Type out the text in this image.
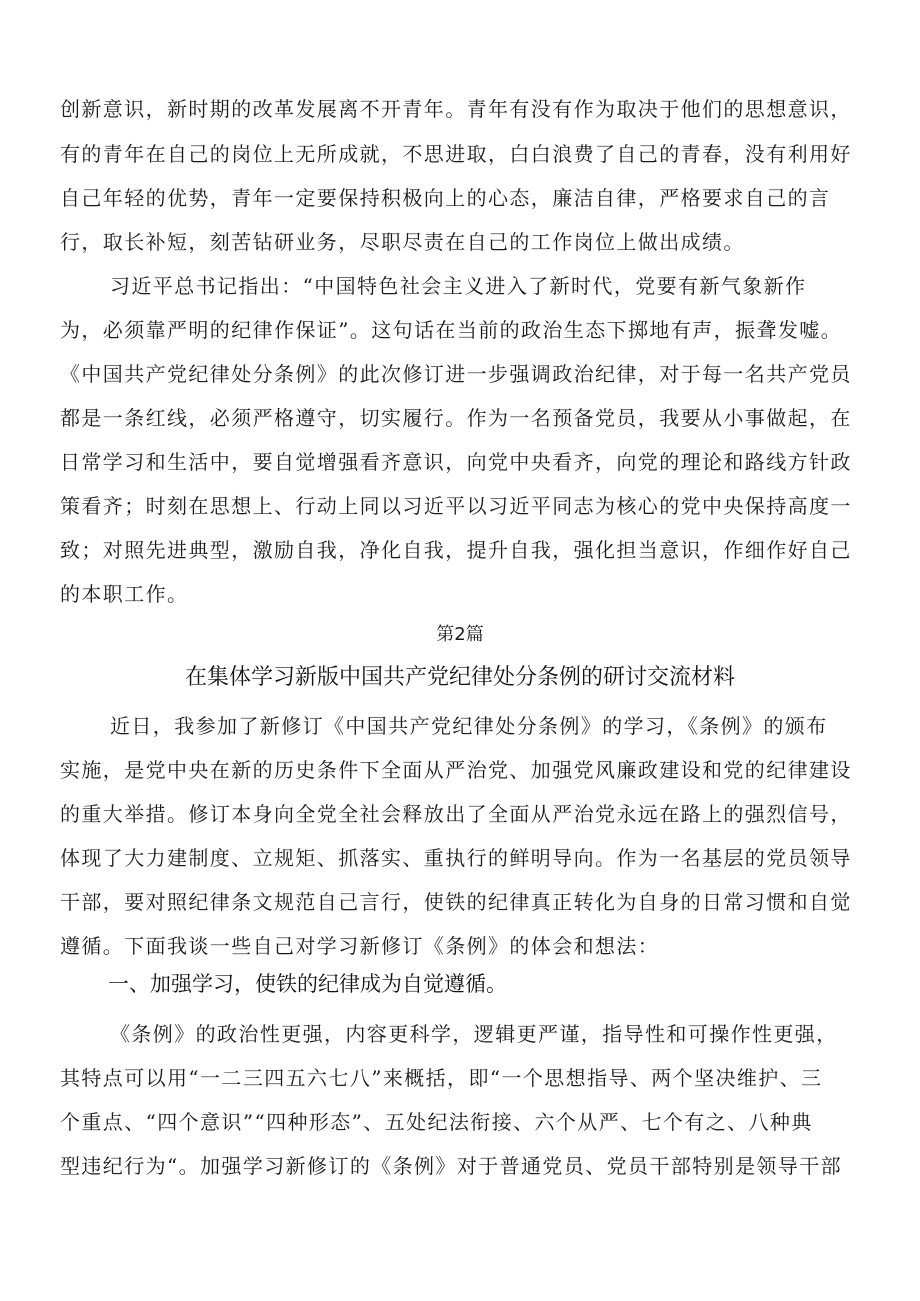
创新意识，新时期的改革发展离不开青年。青年有没有作为取决于他们的思想意识，
有的青年在自己的岗位上无所成就，不思进取，白白浪费了自己的青春，没有利用好
自己年轻的优势，青年一定要保持积极向上的心态，廉洁自律，严格要求自己的言
行，取长补短，刻苦钻研业务，尽职尽责在自己的工作岗位上做出成绩。
习近平总书记指出：“中国特色社会主义进入了新时代，党要有新气象新作
为，必须靠严明的纪律作保证”。这句话在当前的政治生态下掷地有声，振聋发嘘。
《中国共产党纪律处分条例》的此次修订进一步强调政治纪律，对于每一名共产党员
都是一条红线，必须严格遵守，切实履行。作为一名预备党员，我要从小事做起，在
日常学习和生活中，要自觉增强看齐意识，向党中央看齐，向党的理论和路线方针政
策看齐；时刻在思想上、行动上同以习近平以习近平同志为核心的党中央保持高度一
致；对照先进典型，激励自我，净化自我，提升自我，强化担当意识，作细作好自己
的本职工作。
第2篇
在集体学习新版中国共产党纪律处分条例的研讨交流材料
近日，我参加了新修订《中国共产党纪律处分条例》的学习，《条例》的颁布
实施，是党中央在新的历史条件下全面从严治党、加强党风廉政建设和党的纪律建设
的重大举措。修订本身向全党全社会释放出了全面从严治党永远在路上的强烈信号，
体现了大力建制度、立规矩、抓落实、重执行的鲜明导向。作为一名基层的党员领导
干部，要对照纪律条文规范自己言行，使铁的纪律真正转化为自身的日常习惯和自觉
遵循。下面我谈一些自己对学习新修订《条例》的体会和想法：
一、加强学习，使铁的纪律成为自觉遵循。
《条例》的政治性更强，内容更科学，逻辑更严谨，指导性和可操作性更强，
其特点可以用“一二三四五六七八”来概括，即“一个思想指导、两个坚决维护、三
个重点、“四个意识”“四种形态”、五处纪法衔接、六个从严、七个有之、八种典
型违纪行为“。加强学习新修订的《条例》对于普通党员、党员干部特别是领导干部
